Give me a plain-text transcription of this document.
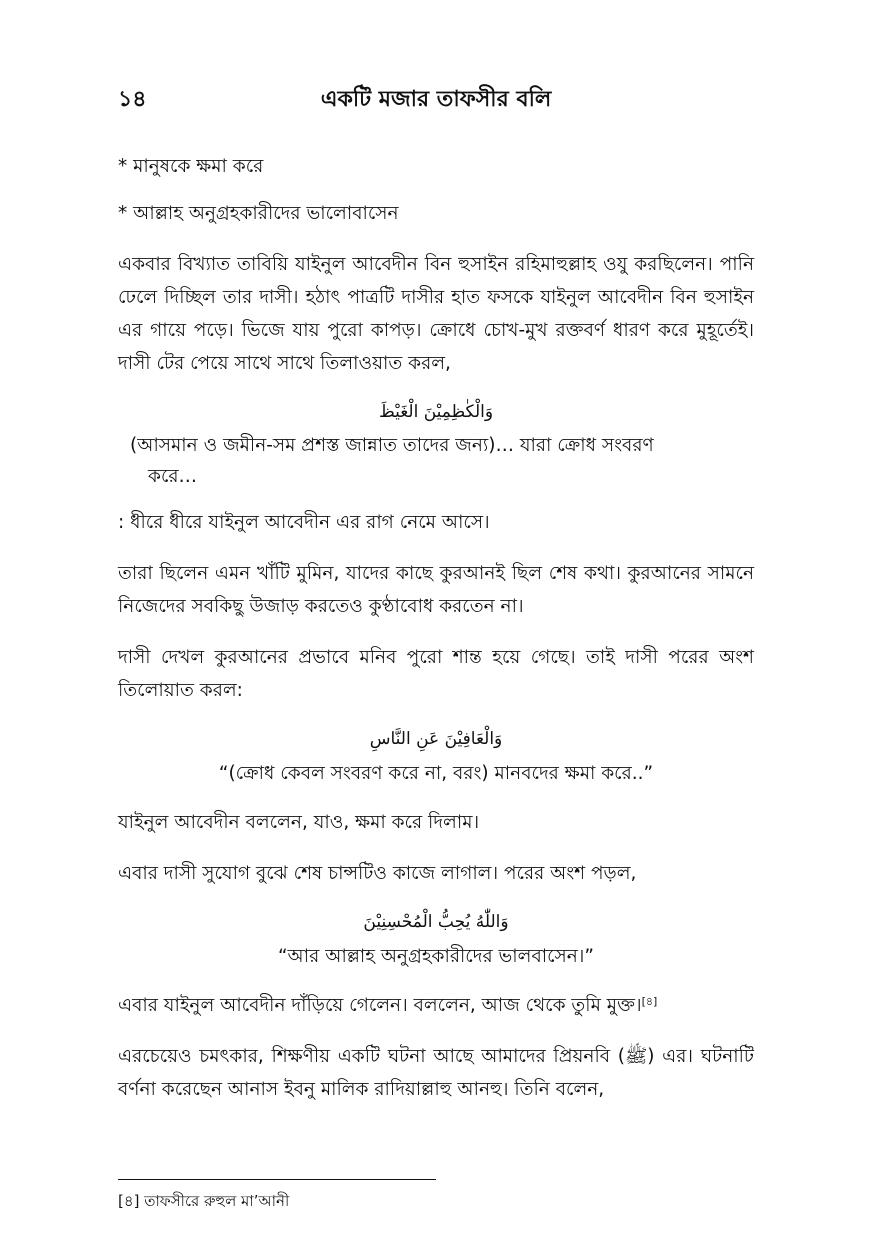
১৪	একটি মজার তাফসীর বলি

* মানুষকে ক্ষমা করে

* আল্লাহ অনুগ্রহকারীদের ভালোবাসেন

একবার বিখ্যাত তাবিয়ি যাইনুল আবেদীন বিন হুসাইন রহিমাহুল্লাহ ওযু করছিলেন। পানি ঢেলে দিচ্ছিল তার দাসী। হঠাৎ পাত্রটি দাসীর হাত ফসকে যাইনুল আবেদীন বিন হুসাইন এর গায়ে পড়ে। ভিজে যায় পুরো কাপড়। ক্রোধে চোখ-মুখ রক্তবর্ণ ধারণ করে মুহূর্তেই। দাসী টের পেয়ে সাথে সাথে তিলাওয়াত করল,

وَالْكٰظِمِيْنَ الْغَيْظَ
(আসমান ও জমীন-সম প্রশস্ত জান্নাত তাদের জন্য)… যারা ক্রোধ সংবরণ
করে…

: ধীরে ধীরে যাইনুল আবেদীন এর রাগ নেমে আসে।

তারা ছিলেন এমন খাঁটি মুমিন, যাদের কাছে কুরআনই ছিল শেষ কথা। কুরআনের সামনে নিজেদের সবকিছু উজাড় করতেও কুণ্ঠাবোধ করতেন না।

দাসী দেখল কুরআনের প্রভাবে মনিব পুরো শান্ত হয়ে গেছে। তাই দাসী পরের অংশ তিলোয়াত করল:

وَالْعَافِيْنَ عَنِ النَّاسِ

“(ক্রোধ কেবল সংবরণ করে না, বরং) মানবদের ক্ষমা করে..”

যাইনুল আবেদীন বললেন, যাও, ক্ষমা করে দিলাম।

এবার দাসী সুযোগ বুঝে শেষ চান্সটিও কাজে লাগাল। পরের অংশ পড়ল,

وَاللّٰهُ يُحِبُّ الْمُحْسِنِيْنَ

“আর আল্লাহ অনুগ্রহকারীদের ভালবাসেন।”

এবার যাইনুল আবেদীন দাঁড়িয়ে গেলেন। বললেন, আজ থেকে তুমি মুক্ত।[৪]

এরচেয়েও চমৎকার, শিক্ষণীয় একটি ঘটনা আছে আমাদের প্রিয়নবি (ﷺ) এর। ঘটনাটি বর্ণনা করেছেন আনাস ইবনু মালিক রাদিয়াল্লাহু আনহু। তিনি বলেন,

[৪] তাফসীরে রুহুল মা’আনী
